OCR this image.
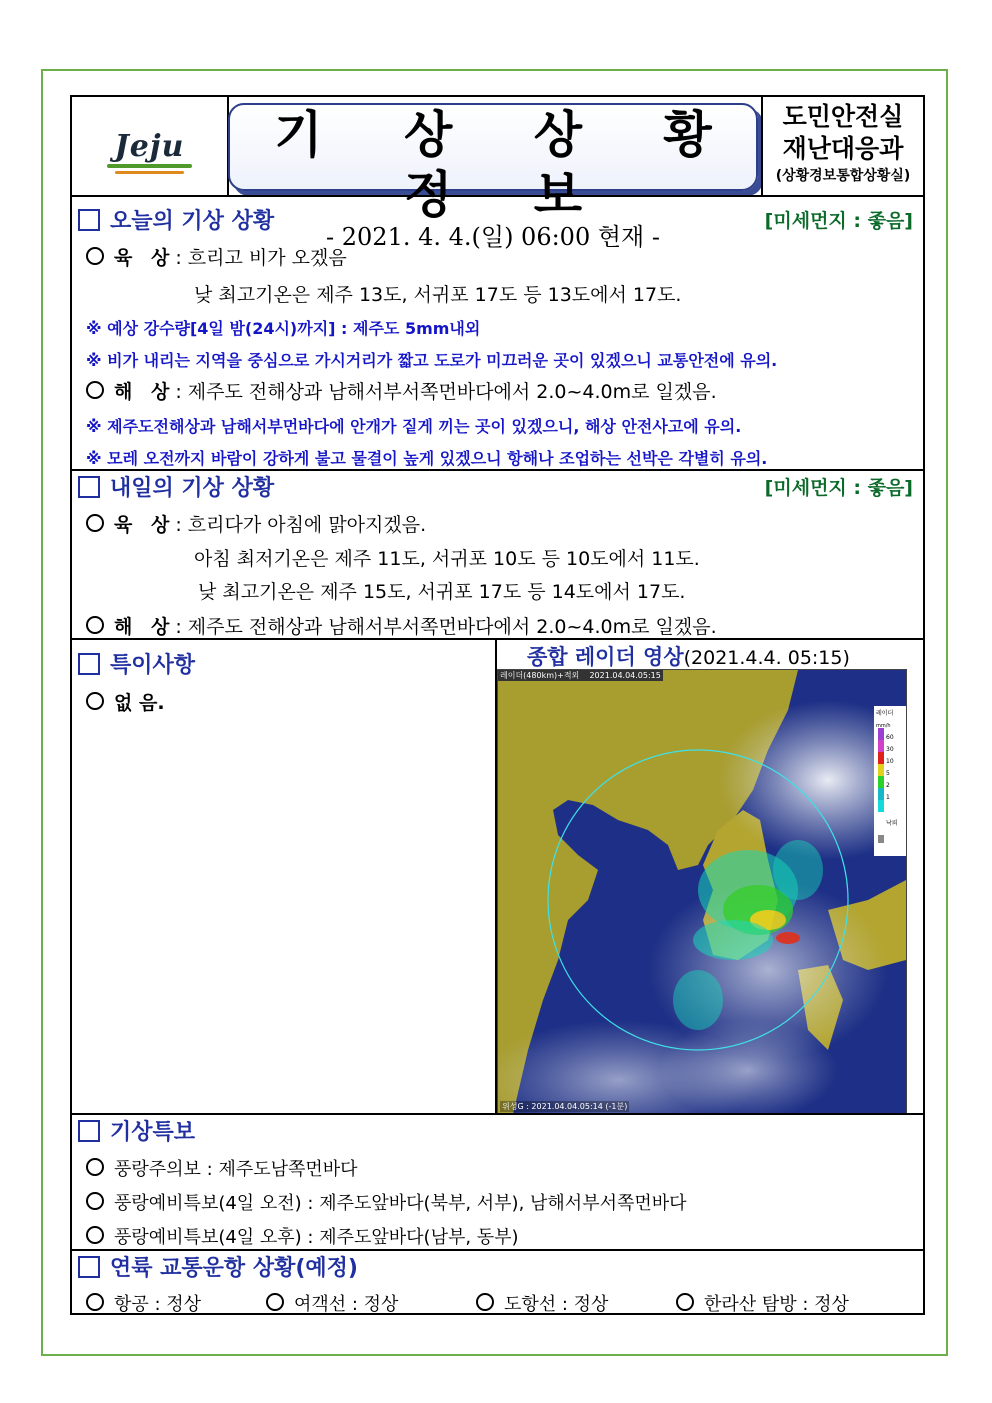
Jeju 기 상 상 황 정 보
- 2021. 4. 4.(일) 06:00 현재 -
도민안전실
재난대응과
(상황경보통합상황실)
오늘의 기상 상황	[미세먼지 : 좋음]
육 상: 흐리고 비가 오겠음
낮 최고기온은 제주 13도, 서귀포 17도 등 13도에서 17도.
※ 예상 강수량[4일 밤(24시)까지] : 제주도 5mm내외
※ 비가 내리는 지역을 중심으로 가시거리가 짧고 도로가 미끄러운 곳이 있겠으니 교통안전에 유의.
해 상: 제주도 전해상과 남해서부서쪽먼바다에서 2.0~4.0m로 일겠음.
※ 제주도전해상과 남해서부먼바다에 안개가 짙게 끼는 곳이 있겠으니, 해상 안전사고에 유의.
※ 모레 오전까지 바람이 강하게 불고 물결이 높게 있겠으니 항해나 조업하는 선박은 각별히 유의.
내일의 기상 상황	[미세먼지 : 좋음]
육 상: 흐리다가 아침에 맑아지겠음.
아침 최저기온은 제주 11도, 서귀포 10도 등 10도에서 11도.
낮 최고기온은 제주 15도, 서귀포 17도 등 14도에서 17도.
해 상: 제주도 전해상과 남해서부서쪽먼바다에서 2.0~4.0m로 일겠음.
특이사항
없 음.
종합 레이더 영상(2021.4.4. 05:15)
레이더(480km)+적외 2021.04.04.05:15
레이더
mm/h
60
30
10
5
2
1
낙뢰
위성G : 2021.04.04.05:14 (-1분)
기상특보
풍랑주의보 : 제주도남쪽먼바다
풍랑예비특보(4일 오전) : 제주도앞바다(북부, 서부), 남해서부서쪽먼바다
풍랑예비특보(4일 오후) : 제주도앞바다(남부, 동부)
연륙 교통운항 상황(예정)
항공 : 정상	여객선 : 정상	도항선 : 정상	한라산 탐방 : 정상
